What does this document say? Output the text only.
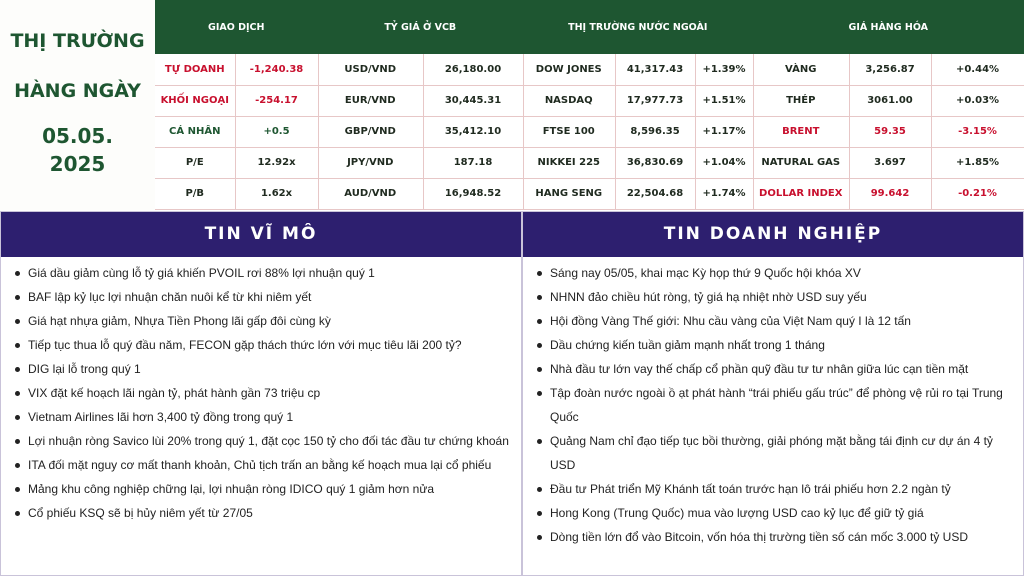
THỊ TRƯỜNG
HÀNG NGÀY
05.05.
2025
GIAO DỊCH	
TỰ DOANH	-1,240.38
KHỐI NGOẠI	-254.17
CÁ NHÂN	+0.5
P/E	12.92x
P/B	1.62x
TỶ GIÁ Ở VCB	
USD/VND	26,180.00
EUR/VND	30,445.31
GBP/VND	35,412.10
JPY/VND	187.18
AUD/VND	16,948.52
THỊ TRƯỜNG NƯỚC NGOÀI		
DOW JONES	41,317.43	+1.39%
NASDAQ	17,977.73	+1.51%
FTSE 100	8,596.35	+1.17%
NIKKEI 225	36,830.69	+1.04%
HANG SENG	22,504.68	+1.74%
GIÁ HÀNG HÓA		
VÀNG	3,256.87	+0.44%
THÉP	3061.00	+0.03%
BRENT	59.35	-3.15%
NATURAL GAS	3.697	+1.85%
DOLLAR INDEX	99.642	-0.21%
TIN VĨ MÔ
Giá dầu giảm cùng lỗ tỷ giá khiến PVOIL rơi 88% lợi nhuận quý 1
BAF lập kỷ lục lợi nhuận chăn nuôi kể từ khi niêm yết
Giá hạt nhựa giảm, Nhựa Tiền Phong lãi gấp đôi cùng kỳ
Tiếp tục thua lỗ quý đầu năm, FECON gặp thách thức lớn với mục tiêu lãi 200 tỷ?
DIG lại lỗ trong quý 1
VIX đặt kế hoạch lãi ngàn tỷ, phát hành gần 73 triệu cp
Vietnam Airlines lãi hơn 3,400 tỷ đồng trong quý 1
Lợi nhuận ròng Savico lùi 20% trong quý 1, đặt cọc 150 tỷ cho đối tác đầu tư chứng khoán
ITA đối mặt nguy cơ mất thanh khoản, Chủ tịch trấn an bằng kế hoạch mua lại cổ phiếu
Mảng khu công nghiệp chững lại, lợi nhuận ròng IDICO quý 1 giảm hơn nửa
Cổ phiếu KSQ sẽ bị hủy niêm yết từ 27/05
TIN DOANH NGHIỆP
Sáng nay 05/05, khai mạc Kỳ họp thứ 9 Quốc hội khóa XV
NHNN đảo chiều hút ròng, tỷ giá hạ nhiệt nhờ USD suy yếu
Hội đồng Vàng Thế giới: Nhu cầu vàng của Việt Nam quý I là 12 tấn
Dầu chứng kiến tuần giảm mạnh nhất trong 1 tháng
Nhà đầu tư lớn vay thế chấp cổ phần quỹ đầu tư tư nhân giữa lúc cạn tiền mặt
Tập đoàn nước ngoài ồ ạt phát hành “trái phiếu gấu trúc” để phòng vệ rủi ro tại Trung Quốc
Quảng Nam chỉ đạo tiếp tục bồi thường, giải phóng mặt bằng tái định cư dự án 4 tỷ USD
Đầu tư Phát triển Mỹ Khánh tất toán trước hạn lô trái phiếu hơn 2.2 ngàn tỷ
Hong Kong (Trung Quốc) mua vào lượng USD cao kỷ lục để giữ tỷ giá
Dòng tiền lớn đổ vào Bitcoin, vốn hóa thị trường tiền số cán mốc 3.000 tỷ USD
